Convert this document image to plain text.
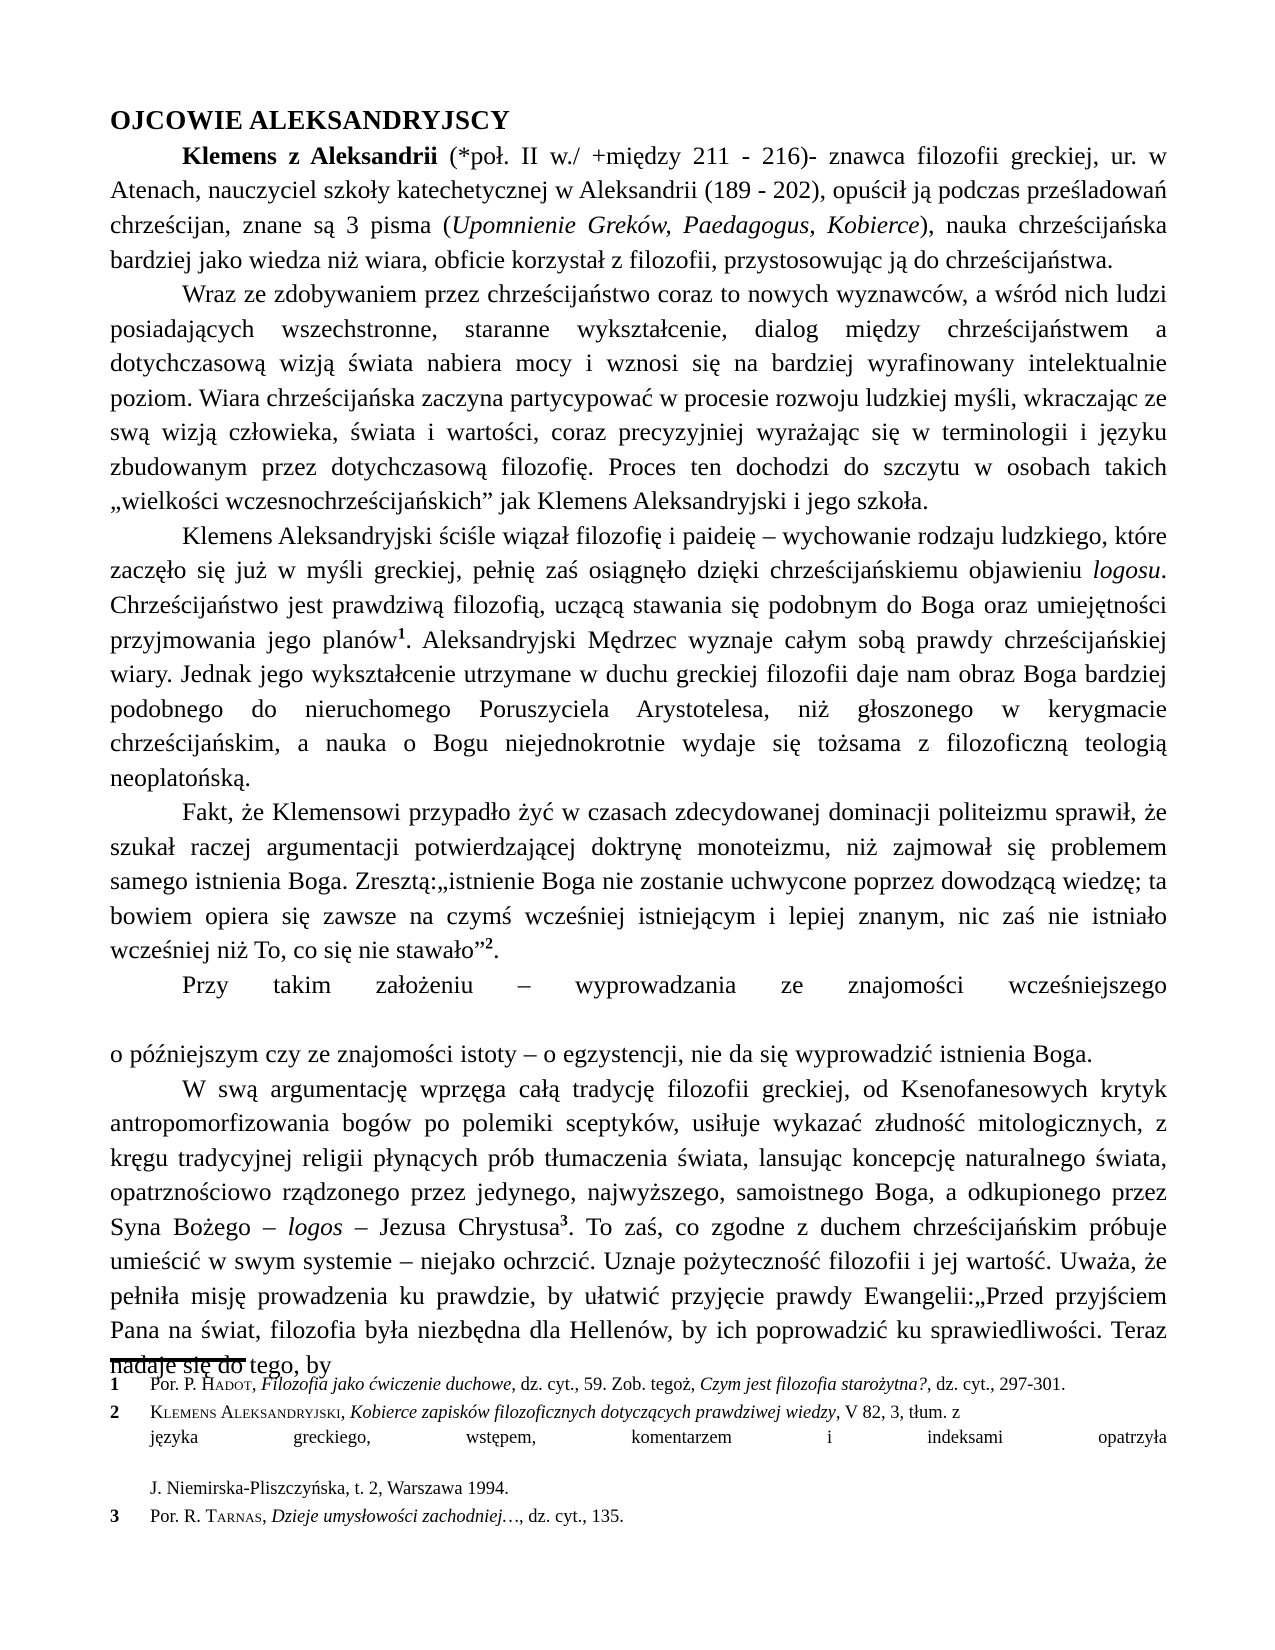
OJCOWIE ALEKSANDRYJSCY

Klemens z Aleksandrii (*poł. II w./ +między 211 - 216)- znawca filozofii greckiej, ur. w Atenach, nauczyciel szkoły katechetycznej w Aleksandrii (189 - 202), opuścił ją podczas prześladowań chrześcijan, znane są 3 pisma (Upomnienie Greków, Paedagogus, Kobierce), nauka chrześcijańska bardziej jako wiedza niż wiara, obficie korzystał z filozofii, przystosowując ją do chrześcijaństwa.

Wraz ze zdobywaniem przez chrześcijaństwo coraz to nowych wyznawców, a wśród nich ludzi posiadających wszechstronne, staranne wykształcenie, dialog między chrześcijaństwem a dotychczasową wizją świata nabiera mocy i wznosi się na bardziej wyrafinowany intelektualnie poziom. Wiara chrześcijańska zaczyna partycypować w procesie rozwoju ludzkiej myśli, wkraczając ze swą wizją człowieka, świata i wartości, coraz precyzyjniej wyrażając się w terminologii i języku zbudowanym przez dotychczasową filozofię. Proces ten dochodzi do szczytu w osobach takich „wielkości wczesnochrześcijańskich” jak Klemens Aleksandryjski i jego szkoła.

Klemens Aleksandryjski ściśle wiązał filozofię i paideię – wychowanie rodzaju ludzkiego, które zaczęło się już w myśli greckiej, pełnię zaś osiągnęło dzięki chrześcijańskiemu objawieniu logosu. Chrześcijaństwo jest prawdziwą filozofią, uczącą stawania się podobnym do Boga oraz umiejętności przyjmowania jego planów$^1$. Aleksandryjski Mędrzec wyznaje całym sobą prawdy chrześcijańskiej wiary. Jednak jego wykształcenie utrzymane w duchu greckiej filozofii daje nam obraz Boga bardziej podobnego do nieruchomego Poruszyciela Arystotelesa, niż głoszonego w kerygmacie chrześcijańskim, a nauka o Bogu niejednokrotnie wydaje się tożsama z filozoficzną teologią neoplatońską.

Fakt, że Klemensowi przypadło żyć w czasach zdecydowanej dominacji politeizmu sprawił, że szukał raczej argumentacji potwierdzającej doktrynę monoteizmu, niż zajmował się problemem samego istnienia Boga. Zresztą:„istnienie Boga nie zostanie uchwycone poprzez dowodzącą wiedzę; ta bowiem opiera się zawsze na czymś wcześniej istniejącym i lepiej znanym, nic zaś nie istniało wcześniej niż To, co się nie stawało”$^2$.

Przy takim założeniu – wyprowadzania ze znajomości wcześniejszego
o późniejszym czy ze znajomości istoty – o egzystencji, nie da się wyprowadzić istnienia Boga.

W swą argumentację wprzęga całą tradycję filozofii greckiej, od Ksenofanesowych krytyk antropomorfizowania bogów po polemiki sceptyków, usiłuje wykazać złudność mitologicznych, z kręgu tradycyjnej religii płynących prób tłumaczenia świata, lansując koncepcję naturalnego świata, opatrznościowo rządzonego przez jedynego, najwyższego, samoistnego Boga, a odkupionego przez Syna Bożego – logos – Jezusa Chrystusa$^3$. To zaś, co zgodne z duchem chrześcijańskim próbuje umieścić w swym systemie – niejako ochrzcić. Uznaje pożyteczność filozofii i jej wartość. Uważa, że pełniła misję prowadzenia ku prawdzie, by ułatwić przyjęcie prawdy Ewangelii:„Przed przyjściem Pana na świat, filozofia była niezbędna dla Hellenów, by ich poprowadzić ku sprawiedliwości. Teraz nadaje się do tego, by

1	Por. P. Hadot, Filozofia jako ćwiczenie duchowe, dz. cyt., 59. Zob. tegoż, Czym jest filozofia starożytna?, dz. cyt., 297-301.
2	Klemens Aleksandryjski, Kobierce zapisków filozoficznych dotyczących prawdziwej wiedzy, V 82, 3, tłum. z
języka greckiego, wstępem, komentarzem i indeksami opatrzyła
J. Niemirska-Pliszczyńska, t. 2, Warszawa 1994.
3	Por. R. Tarnas, Dzieje umysłowości zachodniej…, dz. cyt., 135.
